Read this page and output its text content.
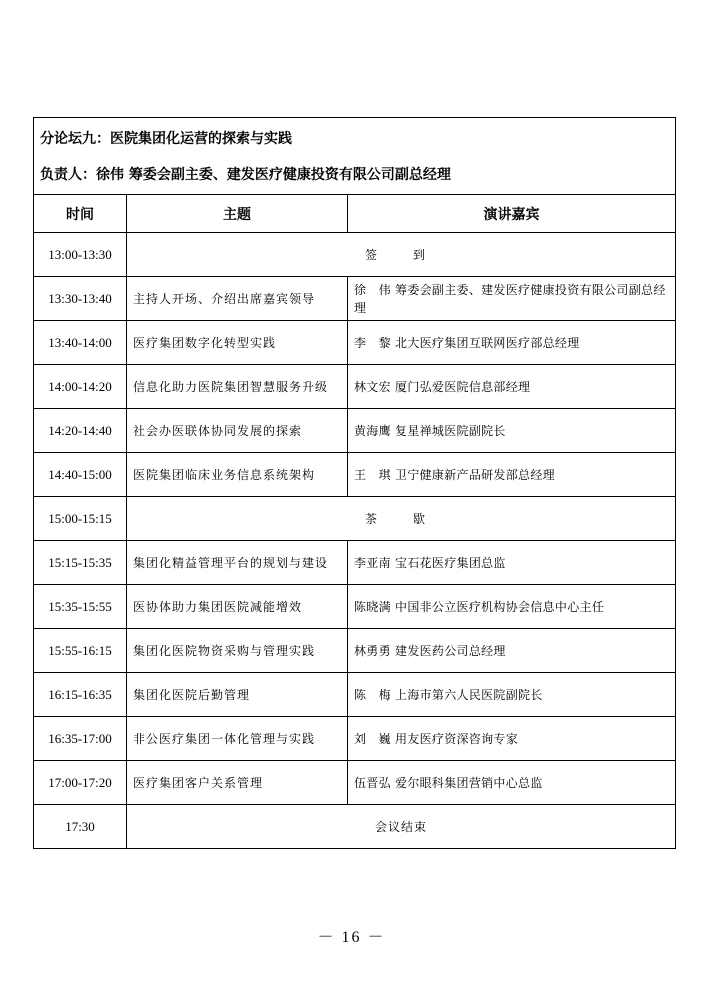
分论坛九：医院集团化运营的探索与实践
负责人：徐伟 筹委会副主委、建发医疗健康投资有限公司副总经理		

时间	主题	演讲嘉宾
13:00-13:30	签　到	
13:30-13:40	主持人开场、介绍出席嘉宾领导	徐　伟 筹委会副主委、建发医疗健康投资有限公司副总经理
13:40-14:00	医疗集团数字化转型实践	李　黎 北大医疗集团互联网医疗部总经理
14:00-14:20	信息化助力医院集团智慧服务升级	林文宏 厦门弘爱医院信息部经理
14:20-14:40	社会办医联体协同发展的探索	黄海鹰 复星禅城医院副院长
14:40-15:00	医院集团临床业务信息系统架构	王　琪 卫宁健康新产品研发部总经理
15:00-15:15	茶　歇	
15:15-15:35	集团化精益管理平台的规划与建设	李亚南 宝石花医疗集团总监
15:35-15:55	医协体助力集团医院减能增效	陈晓满 中国非公立医疗机构协会信息中心主任
15:55-16:15	集团化医院物资采购与管理实践	林勇勇 建发医药公司总经理
16:15-16:35	集团化医院后勤管理	陈　梅 上海市第六人民医院副院长
16:35-17:00	非公医疗集团一体化管理与实践	刘　巍 用友医疗资深咨询专家
17:00-17:20	医疗集团客户关系管理	伍晋弘 爱尔眼科集团营销中心总监
17:30	会议结束	
－ 16 －
